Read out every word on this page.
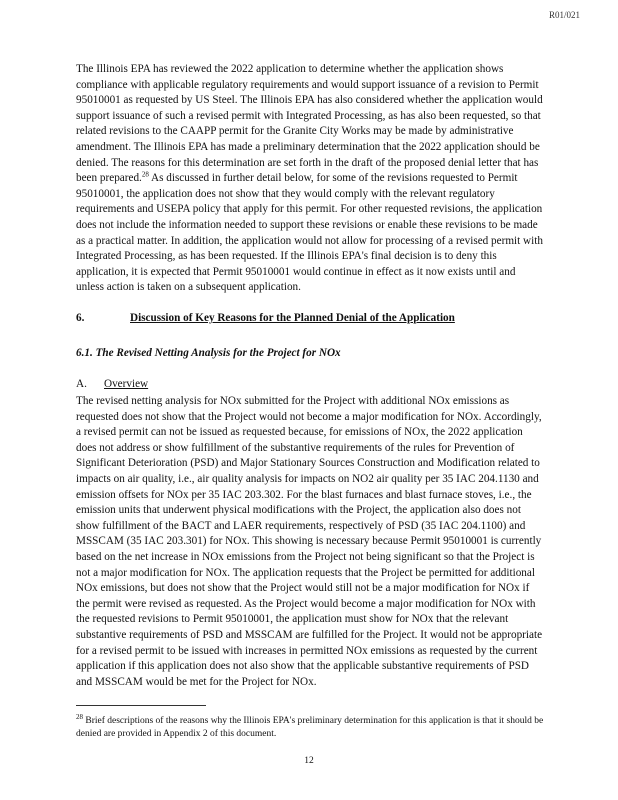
R01/021

The Illinois EPA has reviewed the 2022 application to determine whether the application shows compliance with applicable regulatory requirements and would support issuance of a revision to Permit 95010001 as requested by US Steel. The Illinois EPA has also considered whether the application would support issuance of such a revised permit with Integrated Processing, as has also been requested, so that related revisions to the CAAPP permit for the Granite City Works may be made by administrative amendment. The Illinois EPA has made a preliminary determination that the 2022 application should be denied. The reasons for this determination are set forth in the draft of the proposed denial letter that has been prepared.$^{28}$ As discussed in further detail below, for some of the revisions requested to Permit 95010001, the application does not show that they would comply with the relevant regulatory requirements and USEPA policy that apply for this permit. For other requested revisions, the application does not include the information needed to support these revisions or enable these revisions to be made as a practical matter. In addition, the application would not allow for processing of a revised permit with Integrated Processing, as has been requested. If the Illinois EPA's final decision is to deny this application, it is expected that Permit 95010001 would continue in effect as it now exists until and unless action is taken on a subsequent application.

6.	Discussion of Key Reasons for the Planned Denial of the Application
6.1. The Revised Netting Analysis for the Project for NOx
A. Overview

The revised netting analysis for NOx submitted for the Project with additional NOx emissions as requested does not show that the Project would not become a major modification for NOx. Accordingly, a revised permit can not be issued as requested because, for emissions of NOx, the 2022 application does not address or show fulfillment of the substantive requirements of the rules for Prevention of Significant Deterioration (PSD) and Major Stationary Sources Construction and Modification related to impacts on air quality, i.e., air quality analysis for impacts on NO2 air quality per 35 IAC 204.1130 and emission offsets for NOx per 35 IAC 203.302. For the blast furnaces and blast furnace stoves, i.e., the emission units that underwent physical modifications with the Project, the application also does not show fulfillment of the BACT and LAER requirements, respectively of PSD (35 IAC 204.1100) and MSSCAM (35 IAC 203.301) for NOx. This showing is necessary because Permit 95010001 is currently based on the net increase in NOx emissions from the Project not being significant so that the Project is not a major modification for NOx. The application requests that the Project be permitted for additional NOx emissions, but does not show that the Project would still not be a major modification for NOx if the permit were revised as requested. As the Project would become a major modification for NOx with the requested revisions to Permit 95010001, the application must show for NOx that the relevant substantive requirements of PSD and MSSCAM are fulfilled for the Project. It would not be appropriate for a revised permit to be issued with increases in permitted NOx emissions as requested by the current application if this application does not also show that the applicable substantive requirements of PSD and MSSCAM would be met for the Project for NOx.

$^{28}$ Brief descriptions of the reasons why the Illinois EPA's preliminary determination for this application is that it should be denied are provided in Appendix 2 of this document.
12
